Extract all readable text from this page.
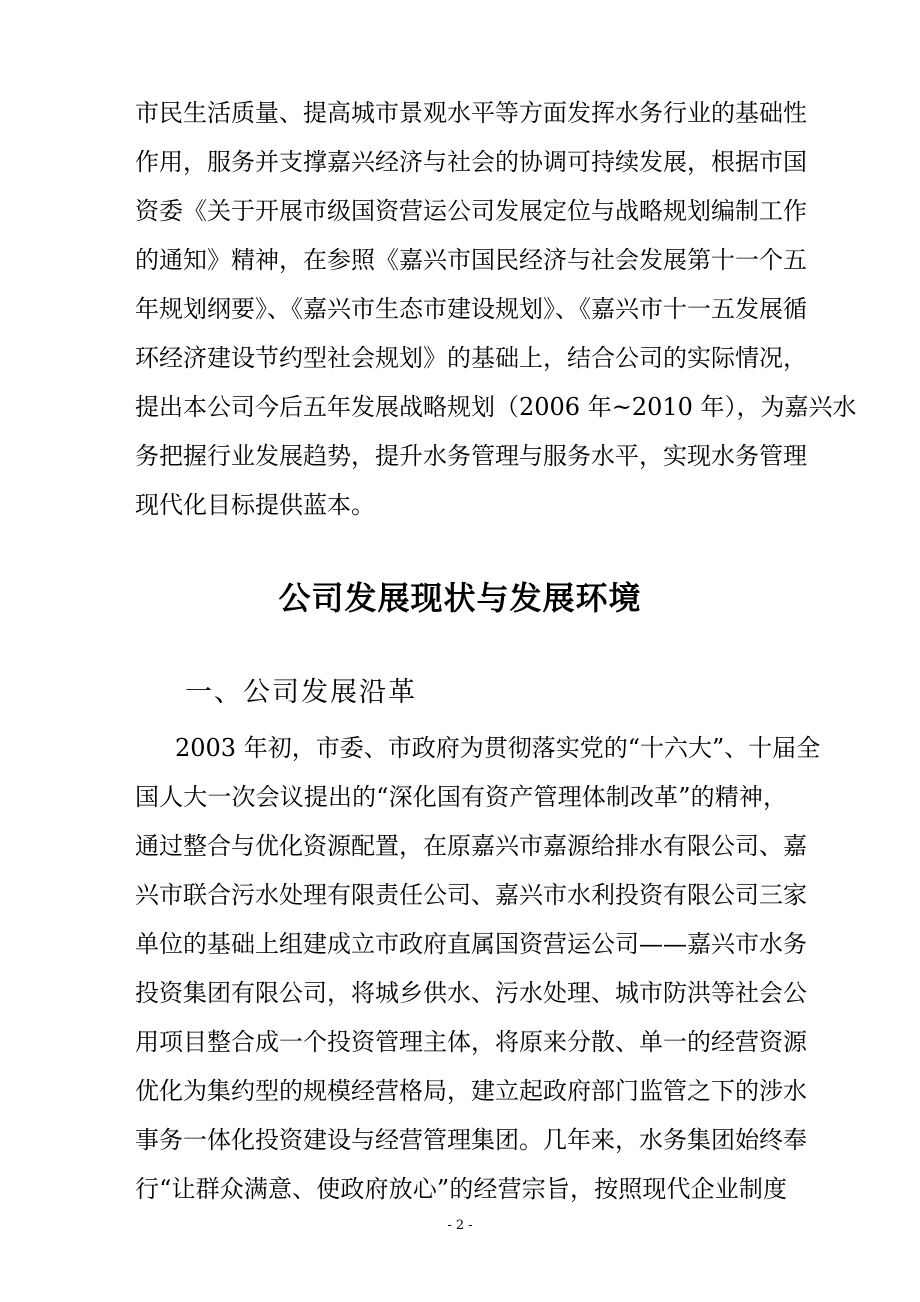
市民生活质量、提高城市景观水平等方面发挥水务行业的基础性
作用，服务并支撑嘉兴经济与社会的协调可持续发展，根据市国
资委《关于开展市级国资营运公司发展定位与战略规划编制工作
的通知》精神，在参照《嘉兴市国民经济与社会发展第十一个五
年规划纲要》、《嘉兴市生态市建设规划》、《嘉兴市十一五发展循
环经济建设节约型社会规划》的基础上，结合公司的实际情况，
提出本公司今后五年发展战略规划（2006 年~2010 年），为嘉兴水
务把握行业发展趋势，提升水务管理与服务水平，实现水务管理
现代化目标提供蓝本。
公司发展现状与发展环境
一、公司发展沿革
2003 年初，市委、市政府为贯彻落实党的“十六大”、十届全
国人大一次会议提出的“深化国有资产管理体制改革”的精神，
通过整合与优化资源配置，在原嘉兴市嘉源给排水有限公司、嘉
兴市联合污水处理有限责任公司、嘉兴市水利投资有限公司三家
单位的基础上组建成立市政府直属国资营运公司——嘉兴市水务
投资集团有限公司，将城乡供水、污水处理、城市防洪等社会公
用项目整合成一个投资管理主体，将原来分散、单一的经营资源
优化为集约型的规模经营格局，建立起政府部门监管之下的涉水
事务一体化投资建设与经营管理集团。几年来，水务集团始终奉
行“让群众满意、使政府放心”的经营宗旨，按照现代企业制度
- 2 -
